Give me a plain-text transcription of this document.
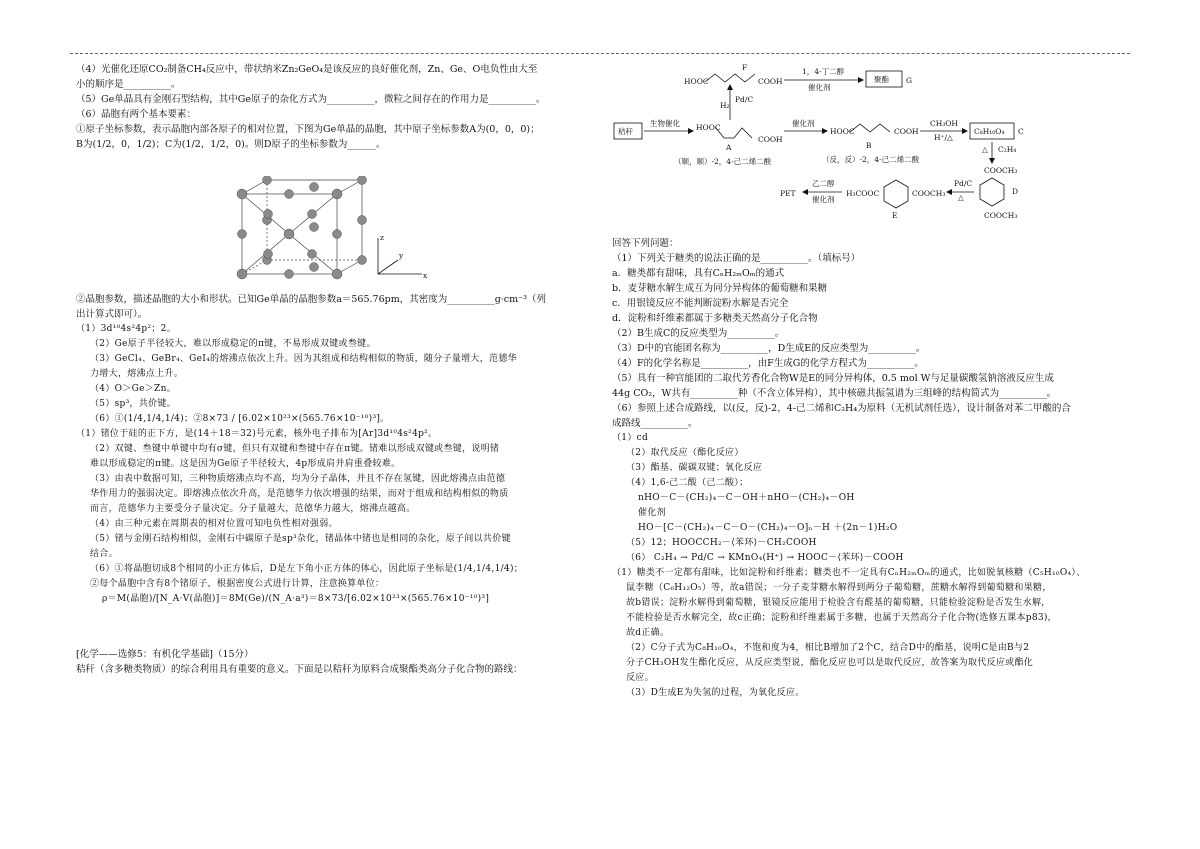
（4）光催化还原CO₂制备CH₄反应中，带状纳米Zn₂GeO₄是该反应的良好催化剂，Zn、Ge、O电负性由大至

小的顺序是__________。

（5）Ge单晶具有金刚石型结构，其中Ge原子的杂化方式为__________，微粒之间存在的作用力是__________。

（6）晶胞有两个基本要素：

①原子坐标参数，表示晶胞内部各原子的相对位置，下图为Ge单晶的晶胞，其中原子坐标参数A为(0，0，0)；

B为(1/2，0，1/2)；C为(1/2，1/2，0)。则D原子的坐标参数为______。

②晶胞参数，描述晶胞的大小和形状。已知Ge单晶的晶胞参数a＝565.76pm，其密度为__________g·cm⁻³（列

出计算式即可）。

（1）3d¹⁰4s²4p²；2。

（2）Ge原子半径较大，难以形成稳定的π键，不易形成双键或叁键。

（3）GeCl₄、GeBr₄、GeI₄的熔沸点依次上升。因为其组成和结构相似的物质，随分子量增大，范德华

力增大，熔沸点上升。

（4）O＞Ge＞Zn。

（5）sp³，共价键。

（6）①(1/4,1/4,1/4)；②8×73 / [6.02×10²³×(565.76×10⁻¹⁰)³]。

（1）锗位于硅的正下方，是(14＋18＝32)号元素，核外电子排布为[Ar]3d¹⁰4s²4p²。

（2）双键、叁键中单键中均有σ键，但只有双键和叁键中存在π键。锗难以形成双键或叁键，说明锗

难以形成稳定的π键。这是因为Ge原子半径较大，4p形成肩并肩重叠较难。

（3）由表中数据可知，三种物质熔沸点均不高，均为分子晶体，并且不存在氢键，因此熔沸点由范德

华作用力的强弱决定。即熔沸点依次升高，是范德华力依次增强的结果，而对于组成和结构相似的物质

而言，范德华力主要受分子量决定。分子量越大，范德华力越大，熔沸点越高。

（4）由三种元素在周期表的相对位置可知电负性相对强弱。

（5）锗与金刚石结构相似，金刚石中碳原子是sp³杂化，锗晶体中锗也是相同的杂化，原子间以共价键

结合。

（6）①将晶胞切成8个相同的小正方体后，D是左下角小正方体的体心，因此原子坐标是(1/4,1/4,1/4)；

②每个晶胞中含有8个锗原子，根据密度公式进行计算，注意换算单位：

ρ＝M(晶胞)/[N_A·V(晶胞)]＝8M(Ge)/(N_A·a³)＝8×73/[6.02×10²³×(565.76×10⁻¹⁰)³]

[化学——选修5：有机化学基础]（15分）

秸秆（含多糖类物质）的综合利用具有重要的意义。下面是以秸秆为原料合成聚酯类高分子化合物的路线：

z
y
x
F
HOOC	COOH
1，4-丁二醇
催化剂
聚酯 G
H₂
Pd/C
秸秆
生物催化 HOOC
COOH
A
（顺，顺）-2，4-己二烯二酸
催化剂
HOOC	COOH
B
（反，反）-2，4-己二烯二酸
CH₃OH
H⁺/△
C₈H₁₀O₄ C
△ C₂H₄
COOCH₃
D
COOCH₃
Pd/C
△
H₃COOC	COOCH₃
E
乙二醇
催化剂
PET

回答下列问题：

（1）下列关于糖类的说法正确的是__________。（填标号）

a．糖类都有甜味，具有CₙH₂ₘOₘ的通式

b．麦芽糖水解生成互为同分异构体的葡萄糖和果糖

c．用银镜反应不能判断淀粉水解是否完全

d．淀粉和纤维素都属于多糖类天然高分子化合物

（2）B生成C的反应类型为__________。

（3）D中的官能团名称为__________，D生成E的反应类型为__________。

（4）F的化学名称是__________，由F生成G的化学方程式为__________。

（5）具有一种官能团的二取代芳香化合物W是E的同分异构体，0.5 mol W与足量碳酸氢钠溶液反应生成

44g CO₂，W共有__________种（不含立体异构），其中核磁共振氢谱为三组峰的结构简式为__________。

（6）参照上述合成路线，以(反，反)-2，4-己二烯和C₂H₄为原料（无机试剂任选），设计制备对苯二甲酸的合

成路线__________。

（1）cd

（2）取代反应（酯化反应）

（3）酯基、碳碳双键；氧化反应

（4）1,6-己二酸（己二酸）；

nHO－C－(CH₂)₄－C－OH＋nHO－(CH₂)₄－OH

催化剂

HO－[C－(CH₂)₄－C－O－(CH₂)₄－O]ₙ－H ＋(2n－1)H₂O

（5）12；HOOCCH₂－⟨苯环⟩－CH₂COOH

（6） C₂H₄ → Pd/C → KMnO₄(H⁺) → HOOC－⟨苯环⟩－COOH

（1）糖类不一定都有甜味，比如淀粉和纤维素；糖类也不一定具有CₙH₂ₘOₘ的通式，比如脱氧核糖（C₅H₁₀O₄）、

鼠李糖（C₆H₁₂O₅）等，故a错误；一分子麦芽糖水解得到两分子葡萄糖，蔗糖水解得到葡萄糖和果糖，

故b错误；淀粉水解得到葡萄糖，银镜反应能用于检验含有醛基的葡萄糖，只能检验淀粉是否发生水解，

不能检验是否水解完全，故c正确；淀粉和纤维素属于多糖，也属于天然高分子化合物(选修五课本p83)，

故d正确。

（2）C分子式为C₈H₁₀O₄，不饱和度为4，相比B增加了2个C，结合D中的酯基，说明C是由B与2

分子CH₃OH发生酯化反应，从反应类型说，酯化反应也可以是取代反应，故答案为取代反应或酯化

反应。

（3）D生成E为失氢的过程，为氧化反应。
